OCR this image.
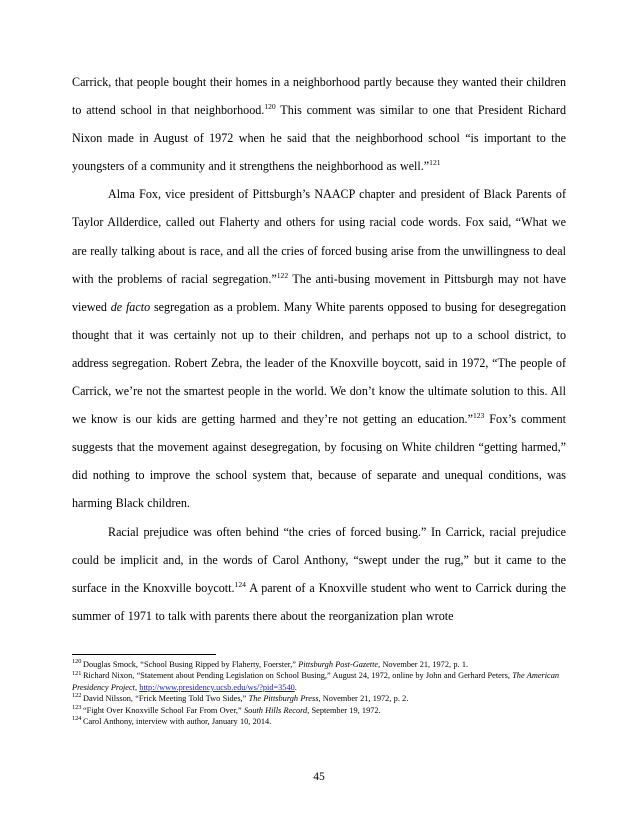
Carrick, that people bought their homes in a neighborhood partly because they wanted their children to attend school in that neighborhood.$^{120}$ This comment was similar to one that President Richard Nixon made in August of 1972 when he said that the neighborhood school “is important to the youngsters of a community and it strengthens the neighborhood as well.”$^{121}$

Alma Fox, vice president of Pittsburgh’s NAACP chapter and president of Black Parents of Taylor Allderdice, called out Flaherty and others for using racial code words. Fox said, “What we are really talking about is race, and all the cries of forced busing arise from the unwillingness to deal with the problems of racial segregation.”$^{122}$ The anti-busing movement in Pittsburgh may not have viewed de facto segregation as a problem. Many White parents opposed to busing for desegregation thought that it was certainly not up to their children, and perhaps not up to a school district, to address segregation. Robert Zebra, the leader of the Knoxville boycott, said in 1972, “The people of Carrick, we’re not the smartest people in the world. We don’t know the ultimate solution to this. All we know is our kids are getting harmed and they’re not getting an education.”$^{123}$ Fox’s comment suggests that the movement against desegregation, by focusing on White children “getting harmed,” did nothing to improve the school system that, because of separate and unequal conditions, was harming Black children.

Racial prejudice was often behind “the cries of forced busing.” In Carrick, racial prejudice could be implicit and, in the words of Carol Anthony, “swept under the rug,” but it came to the surface in the Knoxville boycott.$^{124}$ A parent of a Knoxville student who went to Carrick during the summer of 1971 to talk with parents there about the reorganization plan wrote

$^{120}$ Douglas Smock, “School Busing Ripped by Flaherty, Foerster,” Pittsburgh Post-Gazette, November 21, 1972, p. 1.

$^{121}$ Richard Nixon, “Statement about Pending Legislation on School Busing,” August 24, 1972, online by John and Gerhard Peters, The American Presidency Project, http://www.presidency.ucsb.edu/ws/?pid=3540.

$^{122}$ David Nilsson, “Frick Meeting Told Two Sides,” The Pittsburgh Press, November 21, 1972, p. 2.

$^{123}$ “Fight Over Knoxville School Far From Over,” South Hills Record, September 19, 1972.

$^{124}$ Carol Anthony, interview with author, January 10, 2014.

45
